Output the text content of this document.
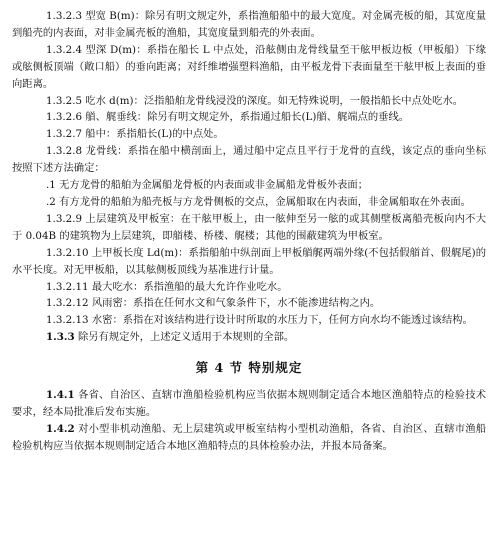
1.3.2.3 型宽 B(m)：除另有明文规定外，系指渔船船中的最大宽度。对金属壳板的船，其宽度量到船壳的内表面，对非金属壳板的渔船，其宽度量到船壳的外表面。

1.3.2.4 型深 D(m)：系指在船长 L 中点处，沿舷侧由龙骨线量至干舷甲板边板（甲板船）下缘或舷侧板顶端（敞口船）的垂向距离；对纤维增强塑料渔船，由平板龙骨下表面量至干舷甲板上表面的垂向距离。

1.3.2.5 吃水 d(m)：泛指船舶龙骨线浸没的深度。如无特殊说明，一般指船长中点处吃水。

1.3.2.6 艏、艉垂线：除另有明文规定外，系指通过船长(L)艏、艉端点的垂线。

1.3.2.7 船中：系指船长(L)的中点处。

1.3.2.8 龙骨线：系指在船中横剖面上，通过船中定点且平行于龙骨的直线，该定点的垂向坐标按照下述方法确定：

.1 无方龙骨的船舶为金属船龙骨板的内表面或非金属船龙骨板外表面；

.2 有方龙骨的船舶为船壳板与方龙骨侧板的交点，金属船取在内表面，非金属船取在外表面。

1.3.2.9 上层建筑及甲板室：在干舷甲板上，由一舷伸至另一舷的或其侧壁板离船壳板向内不大于 0.04B 的建筑物为上层建筑，即艏楼、桥楼、艉楼；其他的围蔽建筑为甲板室。

1.3.2.10 上甲板长度 Ld(m)：系指船舶中纵剖面上甲板艏艉两端外缘(不包括假艏首、假艉尾)的水平长度。对无甲板船，以其舷侧板顶线为基准进行计量。

1.3.2.11 最大吃水：系指渔船的最大允许作业吃水。

1.3.2.12 风雨密：系指在任何水文和气象条件下，水不能渗进结构之内。

1.3.2.13 水密：系指在对该结构进行设计时所取的水压力下，任何方向水均不能透过该结构。

1.3.3 除另有规定外，上述定义适用于本规则的全部。

第 4 节 特别规定

1.4.1 各省、自治区、直辖市渔船检验机构应当依据本规则制定适合本地区渔船特点的检验技术要求，经本局批准后发布实施。

1.4.2 对小型非机动渔船、无上层建筑或甲板室结构小型机动渔船，各省、自治区、直辖市渔船检验机构应当依据本规则制定适合本地区渔船特点的具体检验办法，并报本局备案。
